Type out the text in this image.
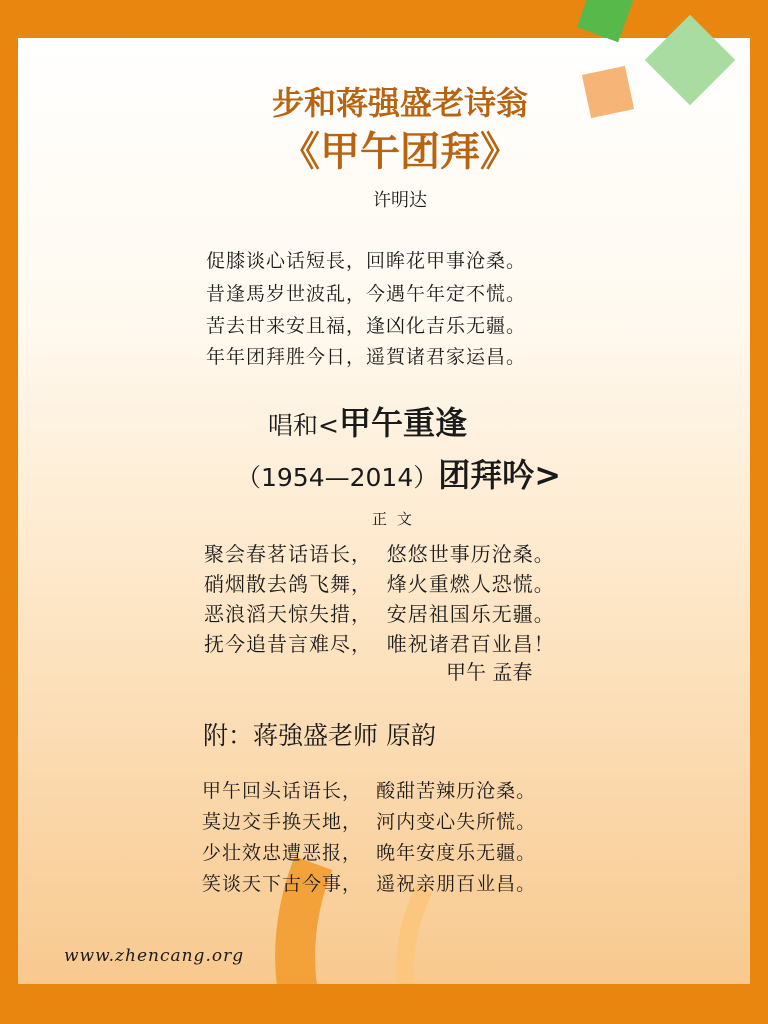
步和蒋强盛老诗翁
《甲午团拜》
许明达
促膝谈心话短長，回眸花甲事沧桑。
昔逢馬岁世波乱，今遇午年定不慌。
苦去甘来安且福，逢凶化吉乐无疆。
年年团拜胜今日，遥賀诸君家运昌。
唱和<甲午重逢
（1954—2014）团拜吟>
正文
聚会春茗话语长，  悠悠世事历沧桑。
硝烟散去鸽飞舞，  烽火重燃人恐慌。
恶浪滔天惊失措，  安居祖国乐无疆。
抚今追昔言难尽，  唯祝诸君百业昌！
甲午 孟春
附：蒋強盛老师 原韵
甲午回头话语长，  酸甜苦辣历沧桑。
莫边交手换天地，  河内变心失所慌。
少壮效忠遭恶报，  晚年安度乐无疆。
笑谈天下古今事，  遥祝亲朋百业昌。
www.zhencang.org
